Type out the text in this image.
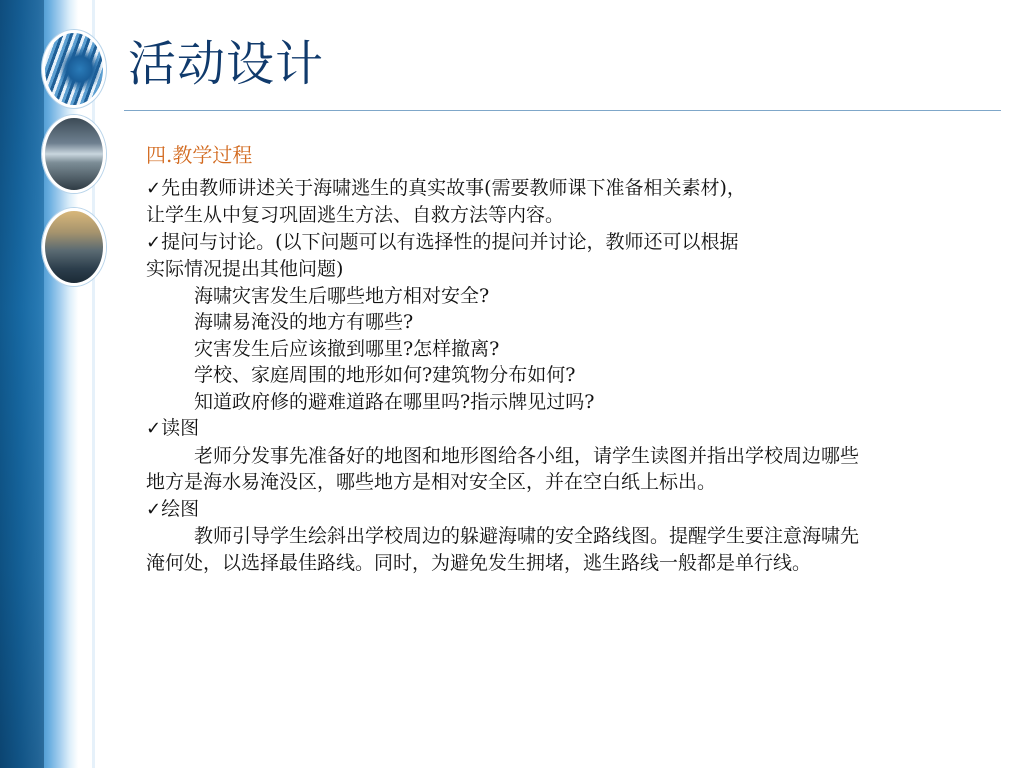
活动设计
四.教学过程
✓先由教师讲述关于海啸逃生的真实故事(需要教师课下准备相关素材)，
让学生从中复习巩固逃生方法、自救方法等内容。
✓提问与讨论。(以下问题可以有选择性的提问并讨论，教师还可以根据
实际情况提出其他问题)
海啸灾害发生后哪些地方相对安全?
海啸易淹没的地方有哪些?
灾害发生后应该撤到哪里?怎样撤离?
学校、家庭周围的地形如何?建筑物分布如何?
知道政府修的避难道路在哪里吗?指示牌见过吗?
✓读图
老师分发事先准备好的地图和地形图给各小组，请学生读图并指出学校周边哪些地方是海水易淹没区，哪些地方是相对安全区，并在空白纸上标出。
✓绘图
教师引导学生绘斜出学校周边的躲避海啸的安全路线图。提醒学生要注意海啸先淹何处，以选择最佳路线。同时，为避免发生拥堵，逃生路线一般都是单行线。
